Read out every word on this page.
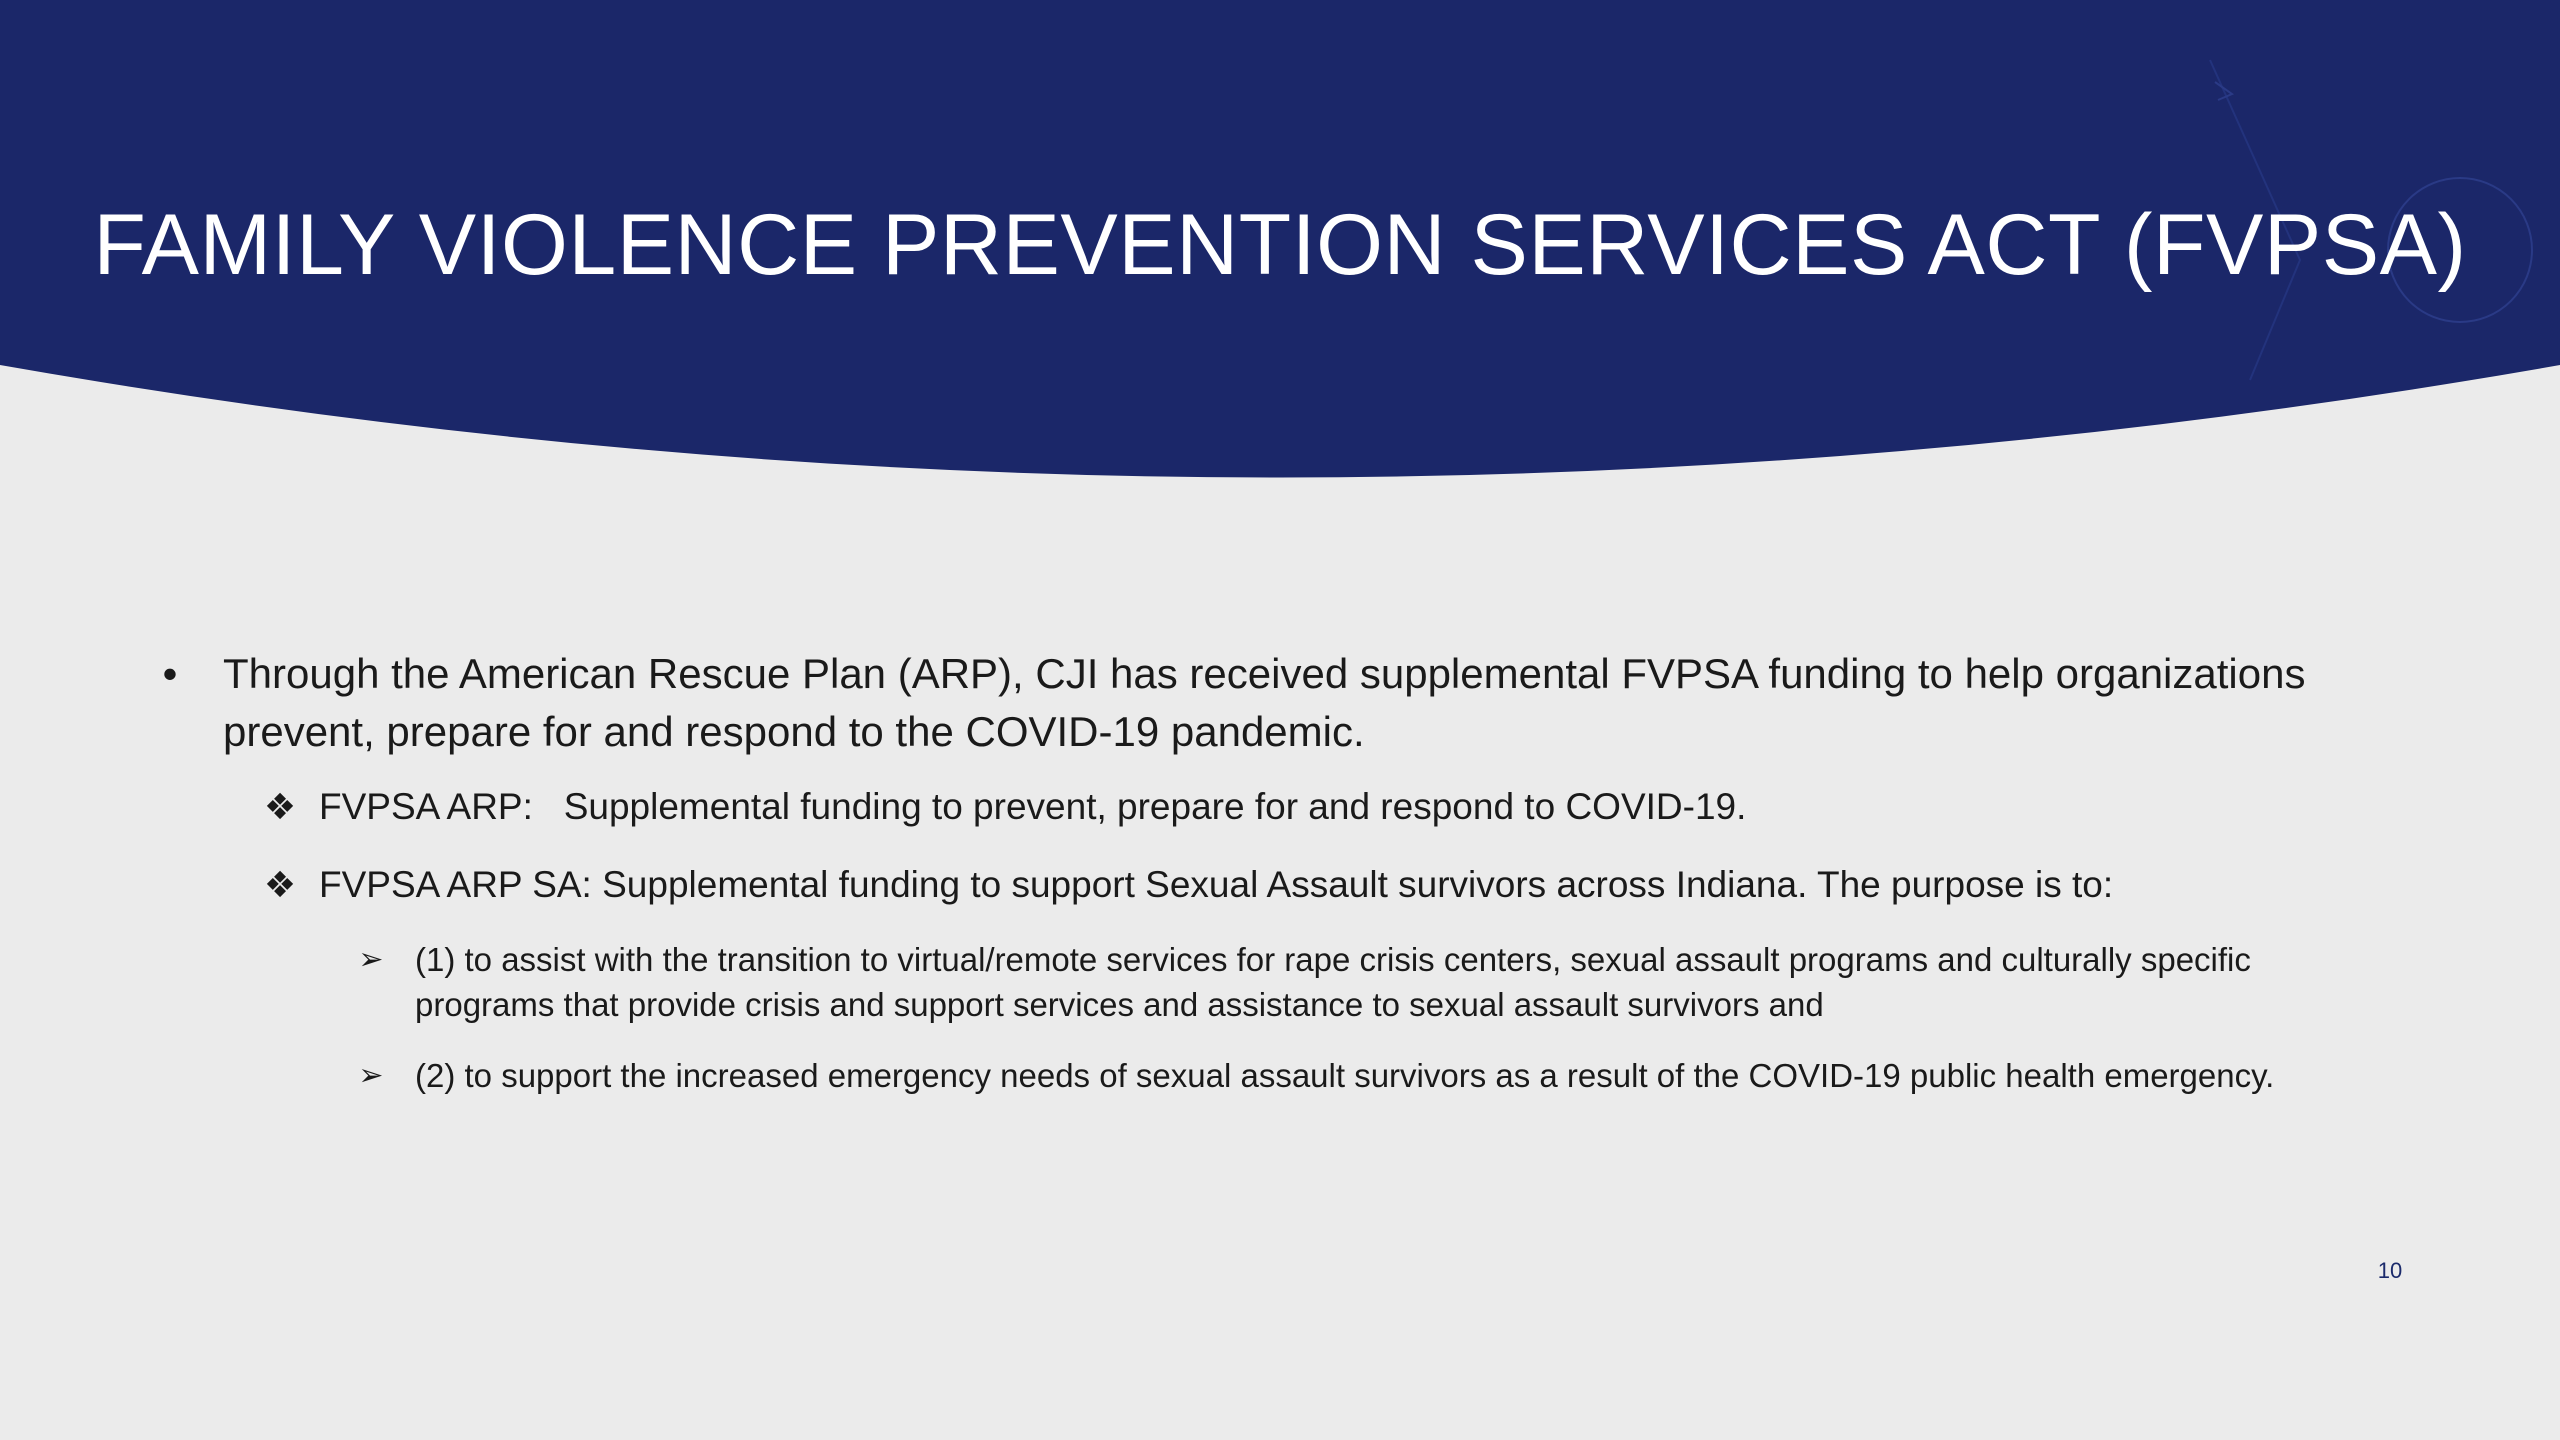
FAMILY VIOLENCE PREVENTION SERVICES ACT (FVPSA)
•	Through the American Rescue Plan (ARP), CJI has received supplemental FVPSA funding to help organizations prevent, prepare for and respond to the COVID-19 pandemic.
❖ FVPSA ARP:   Supplemental funding to prevent, prepare for and respond to COVID-19.
❖ FVPSA ARP SA: Supplemental funding to support Sexual Assault survivors across Indiana. The purpose is to:
➢ (1) to assist with the transition to virtual/remote services for rape crisis centers, sexual assault programs and culturally specific programs that provide crisis and support services and assistance to sexual assault survivors and
➢ (2) to support the increased emergency needs of sexual assault survivors as a result of the COVID-19 public health emergency.
10
